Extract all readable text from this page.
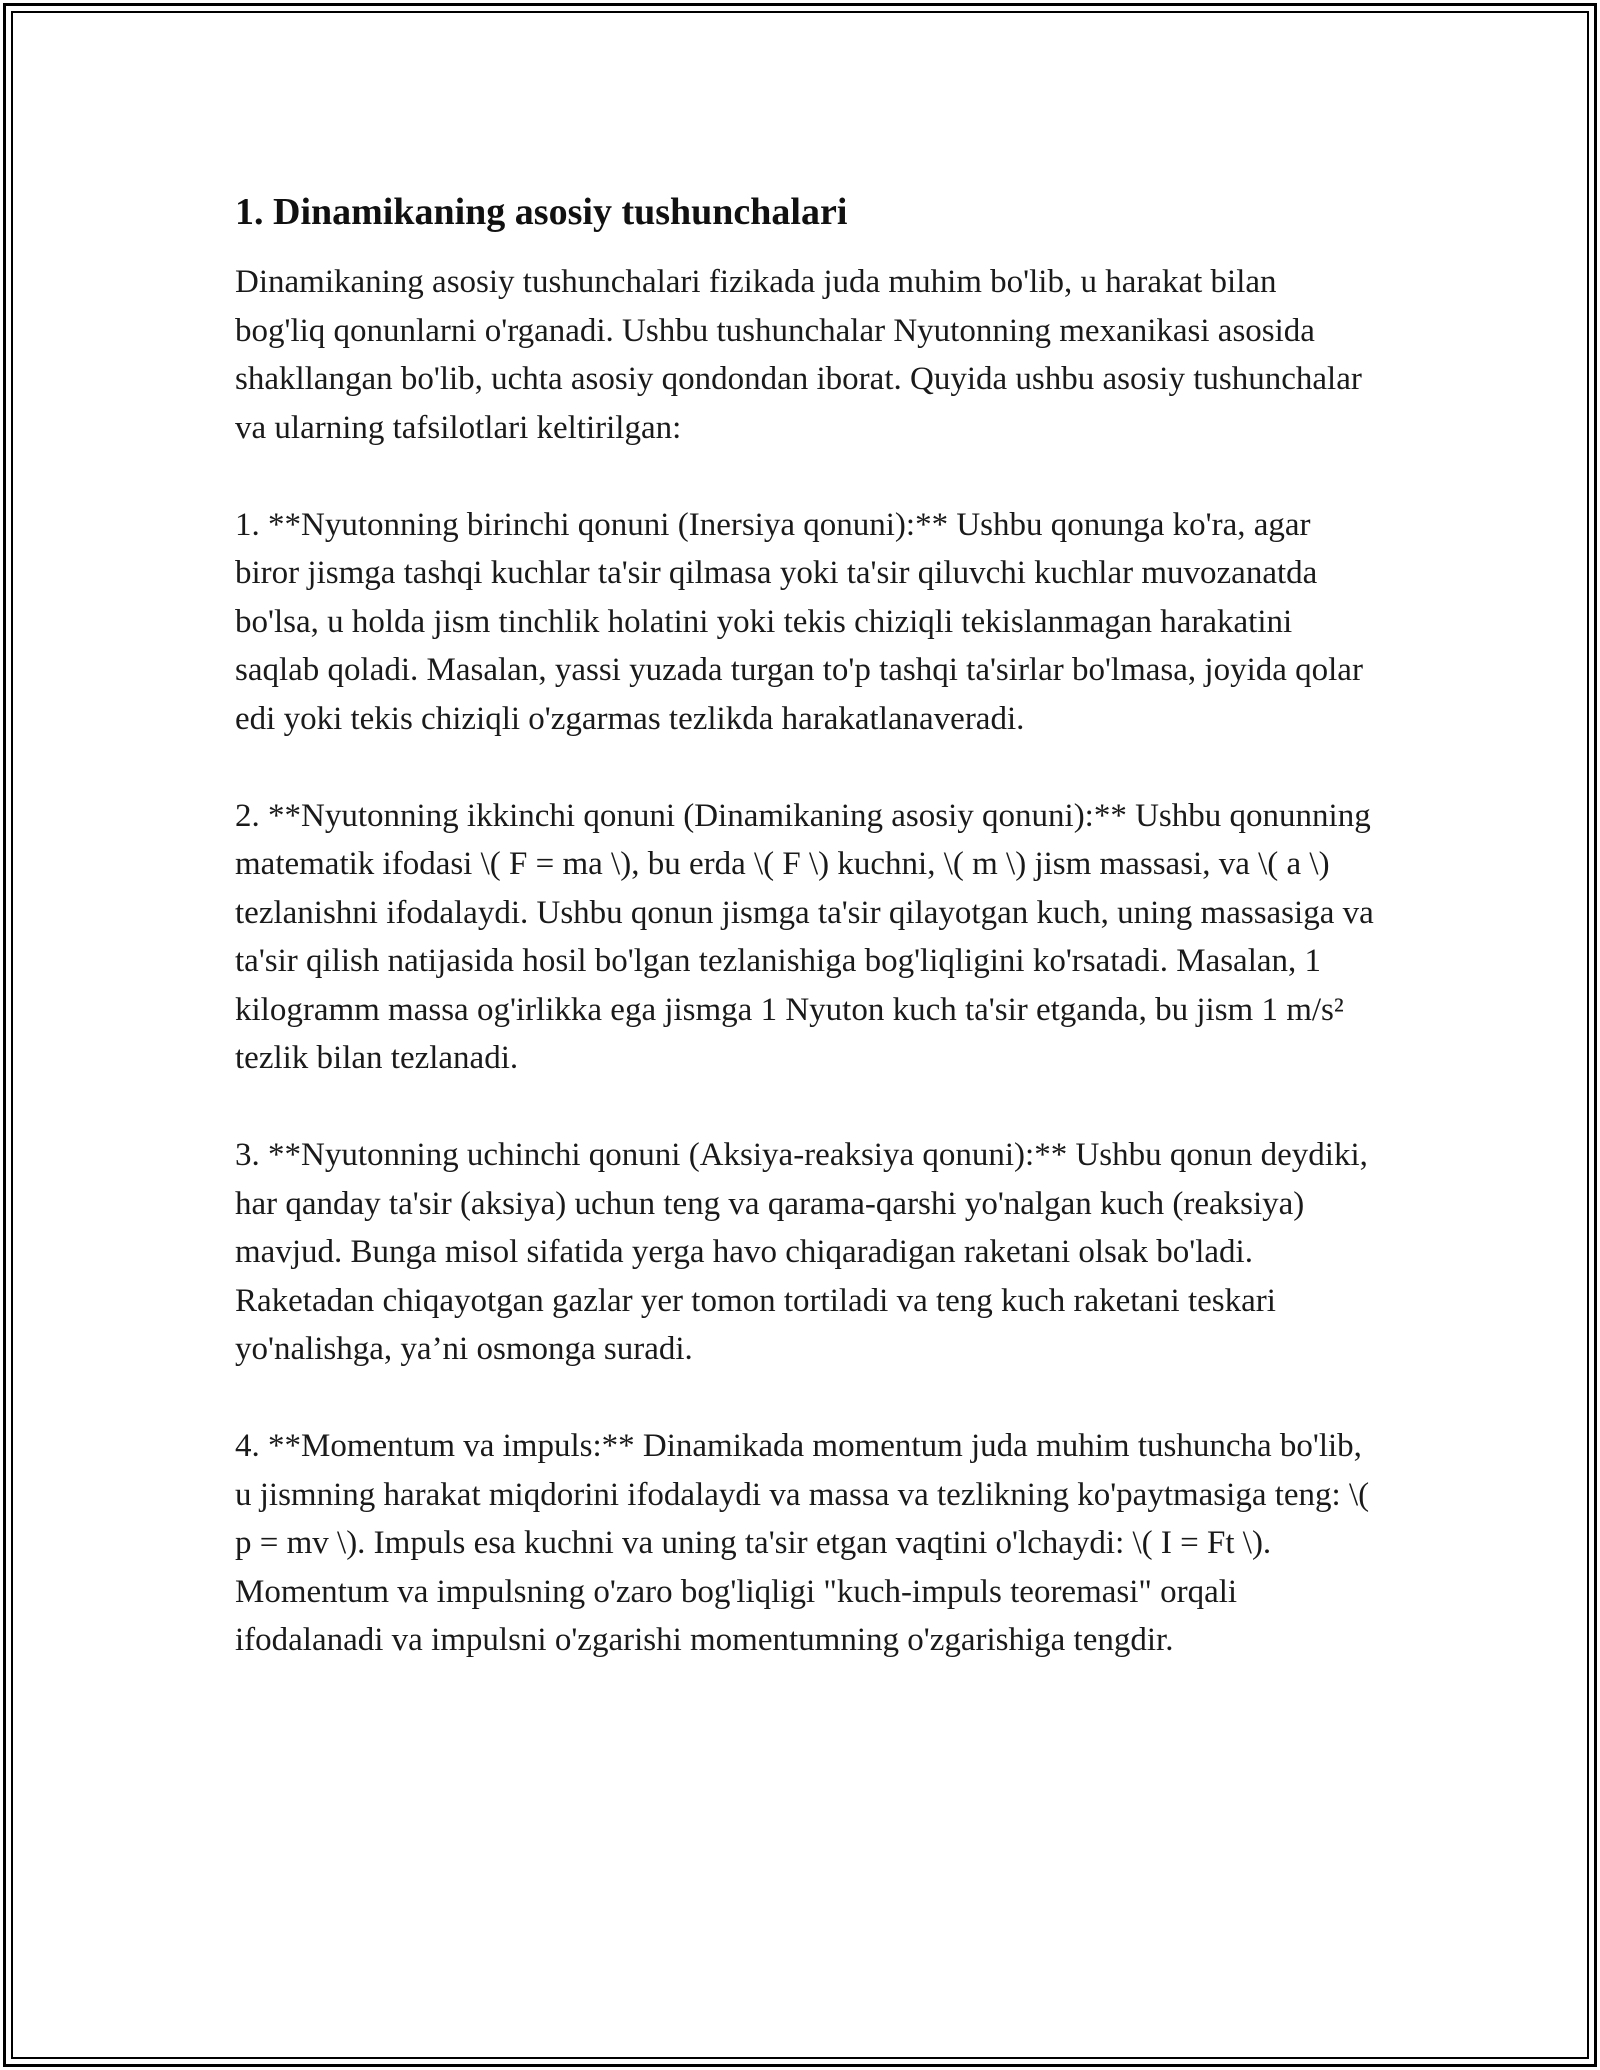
1. Dinamikaning asosiy tushunchalari

Dinamikaning asosiy tushunchalari fizikada juda muhim bo'lib, u harakat bilan bog'liq qonunlarni o'rganadi. Ushbu tushunchalar Nyutonning mexanikasi asosida shakllangan bo'lib, uchta asosiy qondondan iborat. Quyida ushbu asosiy tushunchalar va ularning tafsilotlari keltirilgan:

1. **Nyutonning birinchi qonuni (Inersiya qonuni):** Ushbu qonunga ko'ra, agar biror jismga tashqi kuchlar ta'sir qilmasa yoki ta'sir qiluvchi kuchlar muvozanatda bo'lsa, u holda jism tinchlik holatini yoki tekis chiziqli tekislanmagan harakatini saqlab qoladi. Masalan, yassi yuzada turgan to'p tashqi ta'sirlar bo'lmasa, joyida qolar edi yoki tekis chiziqli o'zgarmas tezlikda harakatlanaveradi.

2. **Nyutonning ikkinchi qonuni (Dinamikaning asosiy qonuni):** Ushbu qonunning matematik ifodasi \( F = ma \), bu erda \( F \) kuchni, \( m \) jism massasi, va \( a \) tezlanishni ifodalaydi. Ushbu qonun jismga ta'sir qilayotgan kuch, uning massasiga va ta'sir qilish natijasida hosil bo'lgan tezlanishiga bog'liqligini ko'rsatadi. Masalan, 1 kilogramm massa og'irlikka ega jismga 1 Nyuton kuch ta'sir etganda, bu jism 1 m/s² tezlik bilan tezlanadi.

3. **Nyutonning uchinchi qonuni (Aksiya-reaksiya qonuni):** Ushbu qonun deydiki, har qanday ta'sir (aksiya) uchun teng va qarama-qarshi yo'nalgan kuch (reaksiya) mavjud. Bunga misol sifatida yerga havo chiqaradigan raketani olsak bo'ladi. Raketadan chiqayotgan gazlar yer tomon tortiladi va teng kuch raketani teskari yo'nalishga, ya’ni osmonga suradi.

4. **Momentum va impuls:** Dinamikada momentum juda muhim tushuncha bo'lib, u jismning harakat miqdorini ifodalaydi va massa va tezlikning ko'paytmasiga teng: \( p = mv \). Impuls esa kuchni va uning ta'sir etgan vaqtini o'lchaydi: \( I = Ft \). Momentum va impulsning o'zaro bog'liqligi "kuch-impuls teoremasi" orqali ifodalanadi va impulsni o'zgarishi momentumning o'zgarishiga tengdir.
